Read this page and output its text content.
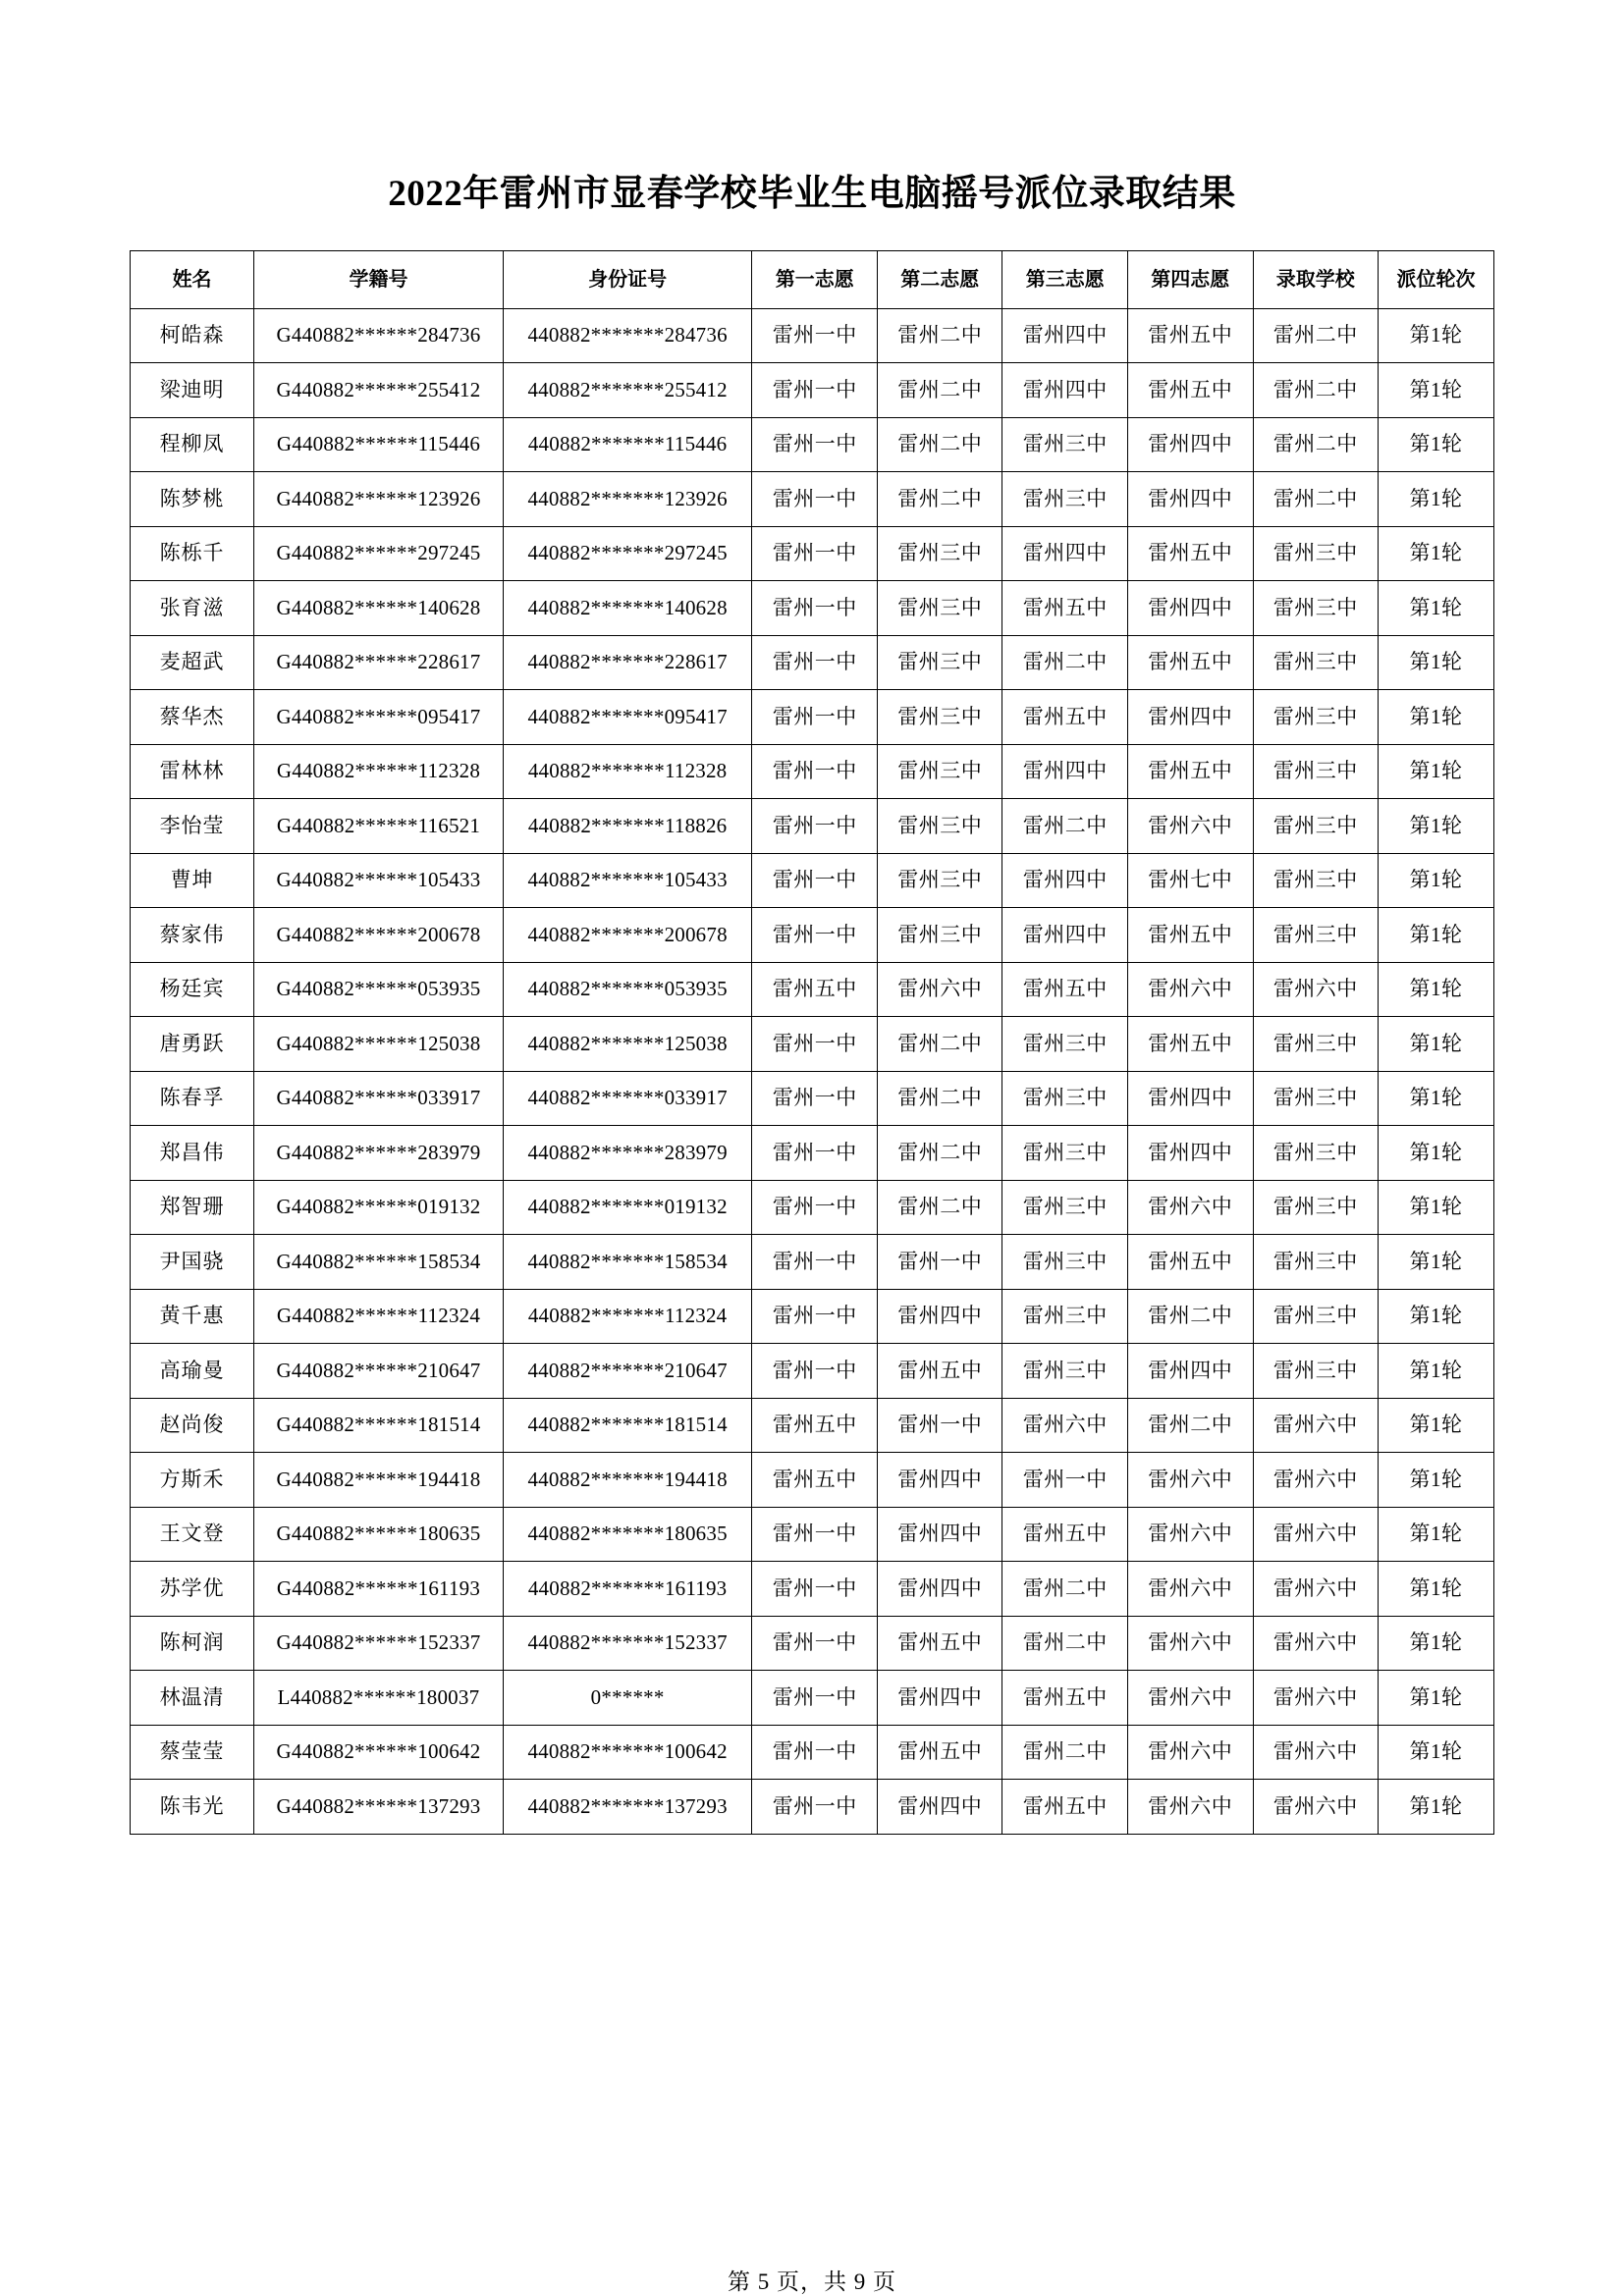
2022年雷州市显春学校毕业生电脑摇号派位录取结果
姓名	学籍号	身份证号	第一志愿	第二志愿	第三志愿	第四志愿	录取学校	派位轮次
柯皓森	G440882******284736	440882*******284736	雷州一中	雷州二中	雷州四中	雷州五中	雷州二中	第1轮
梁迪明	G440882******255412	440882*******255412	雷州一中	雷州二中	雷州四中	雷州五中	雷州二中	第1轮
程柳凤	G440882******115446	440882*******115446	雷州一中	雷州二中	雷州三中	雷州四中	雷州二中	第1轮
陈梦桃	G440882******123926	440882*******123926	雷州一中	雷州二中	雷州三中	雷州四中	雷州二中	第1轮
陈栎千	G440882******297245	440882*******297245	雷州一中	雷州三中	雷州四中	雷州五中	雷州三中	第1轮
张育滋	G440882******140628	440882*******140628	雷州一中	雷州三中	雷州五中	雷州四中	雷州三中	第1轮
麦超武	G440882******228617	440882*******228617	雷州一中	雷州三中	雷州二中	雷州五中	雷州三中	第1轮
蔡华杰	G440882******095417	440882*******095417	雷州一中	雷州三中	雷州五中	雷州四中	雷州三中	第1轮
雷林林	G440882******112328	440882*******112328	雷州一中	雷州三中	雷州四中	雷州五中	雷州三中	第1轮
李怡莹	G440882******116521	440882*******118826	雷州一中	雷州三中	雷州二中	雷州六中	雷州三中	第1轮
曹坤	G440882******105433	440882*******105433	雷州一中	雷州三中	雷州四中	雷州七中	雷州三中	第1轮
蔡家伟	G440882******200678	440882*******200678	雷州一中	雷州三中	雷州四中	雷州五中	雷州三中	第1轮
杨廷宾	G440882******053935	440882*******053935	雷州五中	雷州六中	雷州五中	雷州六中	雷州六中	第1轮
唐勇跃	G440882******125038	440882*******125038	雷州一中	雷州二中	雷州三中	雷州五中	雷州三中	第1轮
陈春孚	G440882******033917	440882*******033917	雷州一中	雷州二中	雷州三中	雷州四中	雷州三中	第1轮
郑昌伟	G440882******283979	440882*******283979	雷州一中	雷州二中	雷州三中	雷州四中	雷州三中	第1轮
郑智珊	G440882******019132	440882*******019132	雷州一中	雷州二中	雷州三中	雷州六中	雷州三中	第1轮
尹国骁	G440882******158534	440882*******158534	雷州一中	雷州一中	雷州三中	雷州五中	雷州三中	第1轮
黄千惠	G440882******112324	440882*******112324	雷州一中	雷州四中	雷州三中	雷州二中	雷州三中	第1轮
高瑜曼	G440882******210647	440882*******210647	雷州一中	雷州五中	雷州三中	雷州四中	雷州三中	第1轮
赵尚俊	G440882******181514	440882*******181514	雷州五中	雷州一中	雷州六中	雷州二中	雷州六中	第1轮
方斯禾	G440882******194418	440882*******194418	雷州五中	雷州四中	雷州一中	雷州六中	雷州六中	第1轮
王文登	G440882******180635	440882*******180635	雷州一中	雷州四中	雷州五中	雷州六中	雷州六中	第1轮
苏学优	G440882******161193	440882*******161193	雷州一中	雷州四中	雷州二中	雷州六中	雷州六中	第1轮
陈柯润	G440882******152337	440882*******152337	雷州一中	雷州五中	雷州二中	雷州六中	雷州六中	第1轮
林温清	L440882******180037	0******	雷州一中	雷州四中	雷州五中	雷州六中	雷州六中	第1轮
蔡莹莹	G440882******100642	440882*******100642	雷州一中	雷州五中	雷州二中	雷州六中	雷州六中	第1轮
陈韦光	G440882******137293	440882*******137293	雷州一中	雷州四中	雷州五中	雷州六中	雷州六中	第1轮
第 5 页，共 9 页
